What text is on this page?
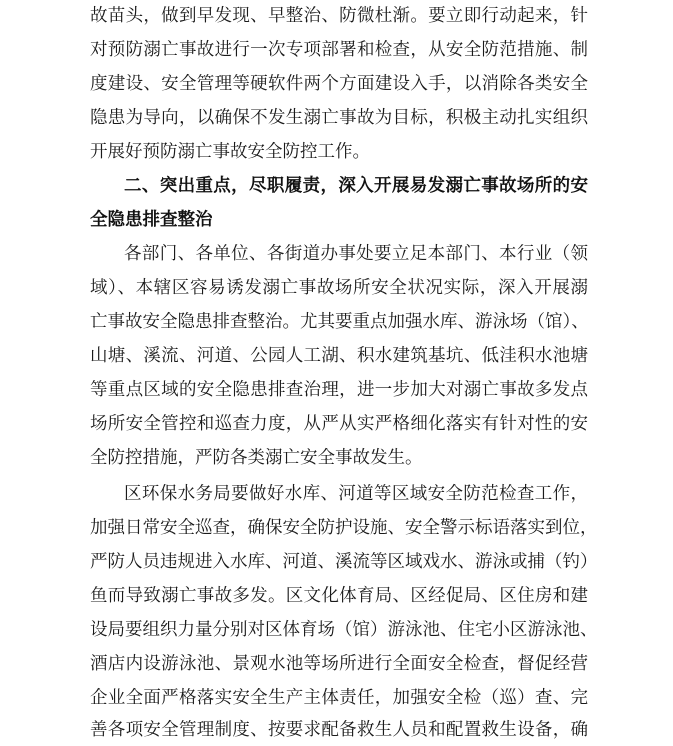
故苗头，做到早发现、早整治、防微杜渐。要立即行动起来，针
对预防溺亡事故进行一次专项部署和检查，从安全防范措施、制
度建设、安全管理等硬软件两个方面建设入手，以消除各类安全
隐患为导向，以确保不发生溺亡事故为目标，积极主动扎实组织
开展好预防溺亡事故安全防控工作。
二、突出重点，尽职履责，深入开展易发溺亡事故场所的安
全隐患排查整治
各部门、各单位、各街道办事处要立足本部门、本行业（领
域）、本辖区容易诱发溺亡事故场所安全状况实际，深入开展溺
亡事故安全隐患排查整治。尤其要重点加强水库、游泳场（馆）、
山塘、溪流、河道、公园人工湖、积水建筑基坑、低洼积水池塘
等重点区域的安全隐患排查治理，进一步加大对溺亡事故多发点
场所安全管控和巡查力度，从严从实严格细化落实有针对性的安
全防控措施，严防各类溺亡安全事故发生。
区环保水务局要做好水库、河道等区域安全防范检查工作，
加强日常安全巡查，确保安全防护设施、安全警示标语落实到位，
严防人员违规进入水库、河道、溪流等区域戏水、游泳或捕（钓）
鱼而导致溺亡事故多发。区文化体育局、区经促局、区住房和建
设局要组织力量分别对区体育场（馆）游泳池、住宅小区游泳池、
酒店内设游泳池、景观水池等场所进行全面安全检查，督促经营
企业全面严格落实安全生产主体责任，加强安全检（巡）查、完
善各项安全管理制度、按要求配备救生人员和配置救生设备，确
